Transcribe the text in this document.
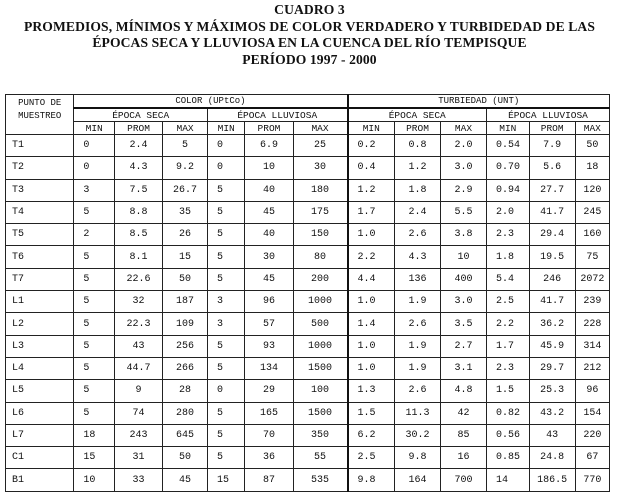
CUADRO 3
PROMEDIOS, MÍNIMOS Y MÁXIMOS DE COLOR VERDADERO Y TURBIDEDAD DE LAS
ÉPOCAS SECA Y LLUVIOSA EN LA CUENCA DEL RÍO TEMPISQUE
PERÍODO 1997 - 2000
PUNTO DE
MUESTREO	COLOR (UPtCo)						TURBIEDAD (UNT)					
	ÉPOCA SECA			ÉPOCA LLUVIOSA			ÉPOCA SECA			ÉPOCA LLUVIOSA		
	MIN	PROM	MAX	MIN	PROM	MAX	MIN	PROM	MAX	MIN	PROM	MAX
T1	0	2.4	5	0	6.9	25	0.2	0.8	2.0	0.54	7.9	50
T2	0	4.3	9.2	0	10	30	0.4	1.2	3.0	0.70	5.6	18
T3	3	7.5	26.7	5	40	180	1.2	1.8	2.9	0.94	27.7	120
T4	5	8.8	35	5	45	175	1.7	2.4	5.5	2.0	41.7	245
T5	2	8.5	26	5	40	150	1.0	2.6	3.8	2.3	29.4	160
T6	5	8.1	15	5	30	80	2.2	4.3	10	1.8	19.5	75
T7	5	22.6	50	5	45	200	4.4	136	400	5.4	246	2072
L1	5	32	187	3	96	1000	1.0	1.9	3.0	2.5	41.7	239
L2	5	22.3	109	3	57	500	1.4	2.6	3.5	2.2	36.2	228
L3	5	43	256	5	93	1000	1.0	1.9	2.7	1.7	45.9	314
L4	5	44.7	266	5	134	1500	1.0	1.9	3.1	2.3	29.7	212
L5	5	9	28	0	29	100	1.3	2.6	4.8	1.5	25.3	96
L6	5	74	280	5	165	1500	1.5	11.3	42	0.82	43.2	154
L7	18	243	645	5	70	350	6.2	30.2	85	0.56	43	220
C1	15	31	50	5	36	55	2.5	9.8	16	0.85	24.8	67
B1	10	33	45	15	87	535	9.8	164	700	14	186.5	770
